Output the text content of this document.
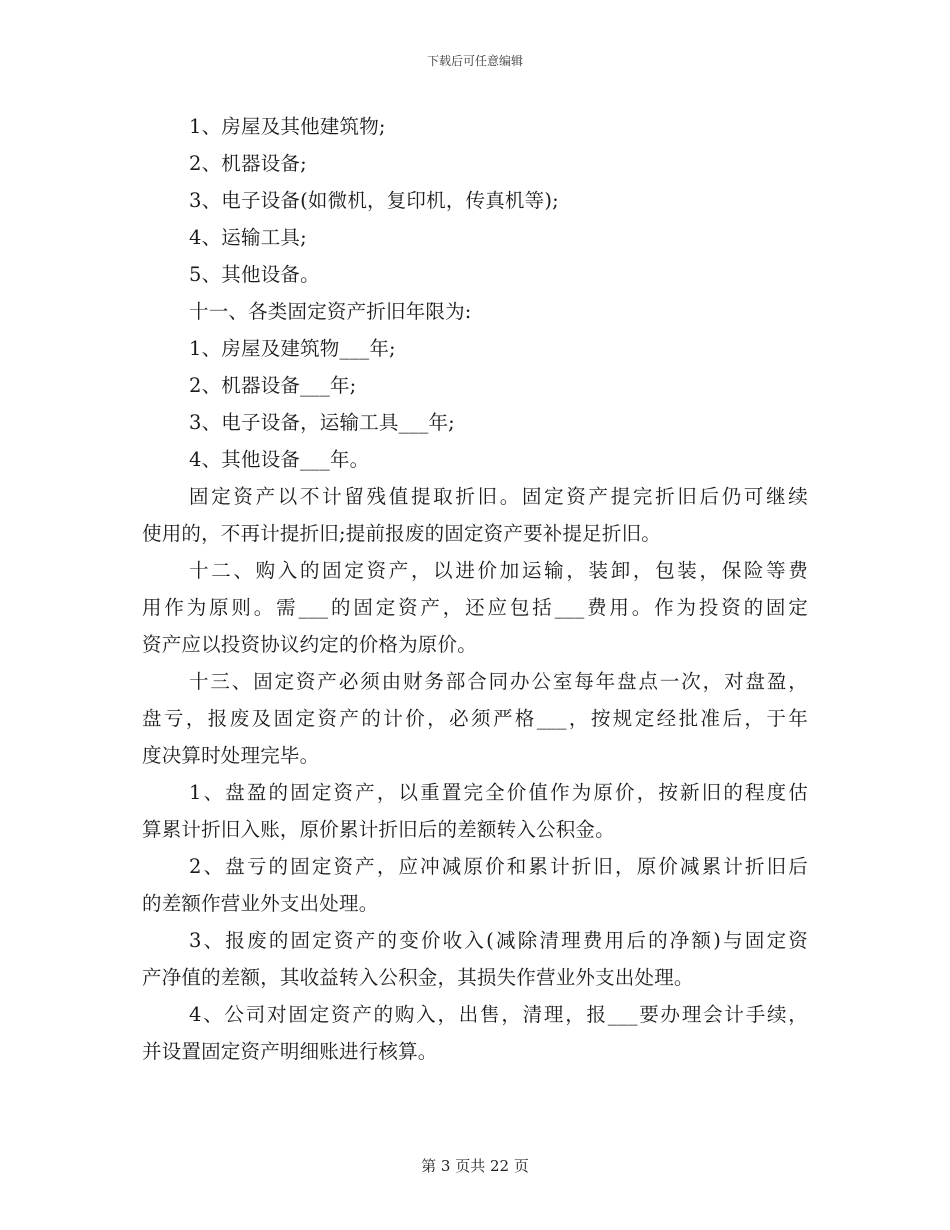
下载后可任意编辑
1、房屋及其他建筑物;
2、机器设备;
3、电子设备(如微机，复印机，传真机等);
4、运输工具;
5、其他设备。
十一、各类固定资产折旧年限为:
1、房屋及建筑物___年;
2、机器设备___年;
3、电子设备，运输工具___年;
4、其他设备___年。
固定资产以不计留残值提取折旧。固定资产提完折旧后仍可继续
使用的，不再计提折旧;提前报废的固定资产要补提足折旧。
十二、购入的固定资产，以进价加运输，装卸，包装，保险等费
用作为原则。需___的固定资产，还应包括___费用。作为投资的固定
资产应以投资协议约定的价格为原价。
十三、固定资产必须由财务部合同办公室每年盘点一次，对盘盈，
盘亏，报废及固定资产的计价，必须严格___，按规定经批准后，于年
度决算时处理完毕。
1、盘盈的固定资产，以重置完全价值作为原价，按新旧的程度估
算累计折旧入账，原价累计折旧后的差额转入公积金。
2、盘亏的固定资产，应冲减原价和累计折旧，原价减累计折旧后
的差额作营业外支出处理。
3、报废的固定资产的变价收入(减除清理费用后的净额)与固定资
产净值的差额，其收益转入公积金，其损失作营业外支出处理。
4、公司对固定资产的购入，出售，清理，报___要办理会计手续，
并设置固定资产明细账进行核算。
第 3 页共 22 页
